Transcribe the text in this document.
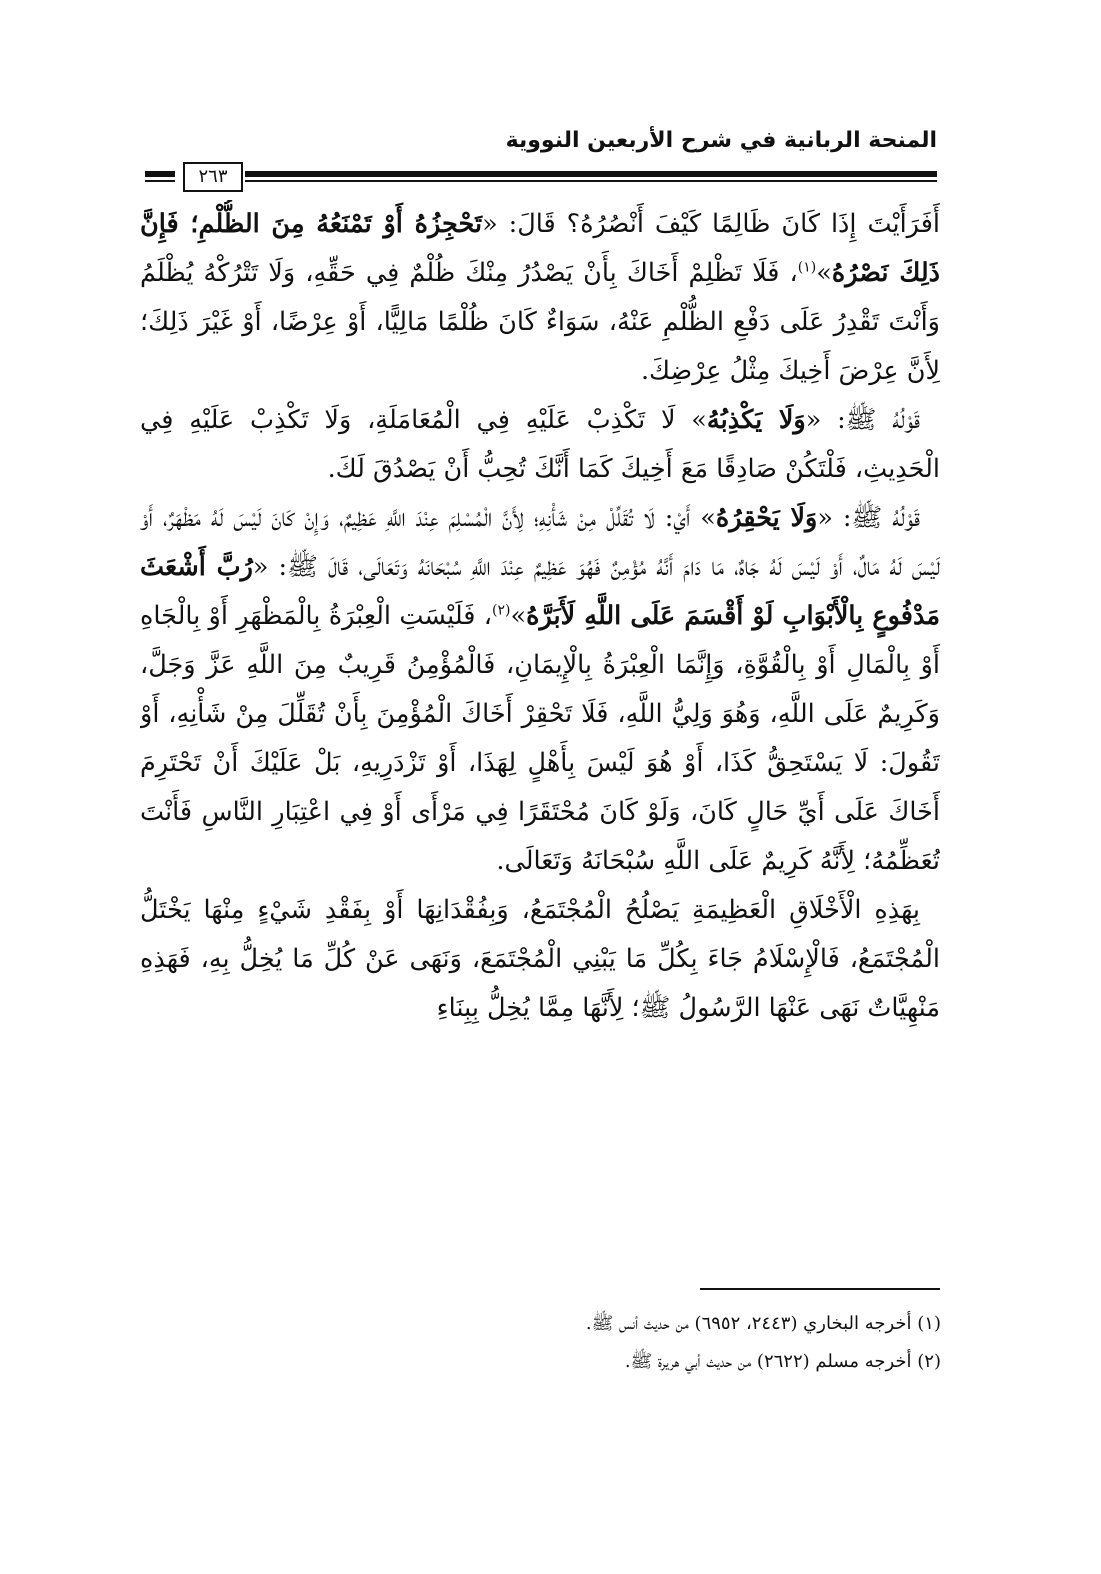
المنحة الربانية في شرح الأربعين النووية
٢٦٣

أَفَرَأَيْتَ إِذَا كَانَ ظَالِمًا كَيْفَ أَنْصُرُهُ؟ قَالَ: «تَحْجِزُهُ أَوْ تَمْنَعُهُ مِنَ الظُّلْمِ؛ فَإِنَّ ذَلِكَ نَصْرُهُ»$^{(١)}$، فَلَا تَظْلِمْ أَخَاكَ بِأَنْ يَصْدُرُ مِنْكَ ظُلْمٌ فِي حَقِّهِ، وَلَا تَتْرُكْهُ يُظْلَمُ وَأَنْتَ تَقْدِرُ عَلَى دَفْعِ الظُّلْمِ عَنْهُ، سَوَاءٌ كَانَ ظُلْمًا مَالِيًّا، أَوْ عِرْضًا، أَوْ غَيْرَ ذَلِكَ؛ لِأَنَّ عِرْضَ أَخِيكَ مِثْلُ عِرْضِكَ.

قَوْلُهُ ﷺ: «وَلَا يَكْذِبُهُ» لَا تَكْذِبْ عَلَيْهِ فِي الْمُعَامَلَةِ، وَلَا تَكْذِبْ عَلَيْهِ فِي الْحَدِيثِ، فَلْتَكُنْ صَادِقًا مَعَ أَخِيكَ كَمَا أَنَّكَ تُحِبُّ أَنْ يَصْدُقَ لَكَ.

قَوْلُهُ ﷺ: «وَلَا يَحْقِرُهُ» أَيْ: لَا تُقَلِّلْ مِنْ شَأْنِهِ؛ لِأَنَّ الْمُسْلِمَ عِنْدَ اللَّهِ عَظِيمٌ، وَإِنْ كَانَ لَيْسَ لَهُ مَظْهَرٌ، أَوْ لَيْسَ لَهُ مَالٌ، أَوْ لَيْسَ لَهُ جَاهٌ، مَا دَامَ أَنَّهُ مُؤْمِنٌ فَهُوَ عَظِيمٌ عِنْدَ اللَّهِ سُبْحَانَهُ وَتَعَالَى، قَالَ ﷺ: «رُبَّ أَشْعَثَ مَدْفُوعٍ بِالْأَبْوَابِ لَوْ أَقْسَمَ عَلَى اللَّهِ لَأَبَرَّهُ»$^{(٢)}$، فَلَيْسَتِ الْعِبْرَةُ بِالْمَظْهَرِ أَوْ بِالْجَاهِ أَوْ بِالْمَالِ أَوْ بِالْقُوَّةِ، وَإِنَّمَا الْعِبْرَةُ بِالْإِيمَانِ، فَالْمُؤْمِنُ قَرِيبٌ مِنَ اللَّهِ عَزَّ وَجَلَّ، وَكَرِيمٌ عَلَى اللَّهِ، وَهُوَ وَلِيُّ اللَّهِ، فَلَا تَحْقِرْ أَخَاكَ الْمُؤْمِنَ بِأَنْ تُقَلِّلَ مِنْ شَأْنِهِ، أَوْ تَقُولَ: لَا يَسْتَحِقُّ كَذَا، أَوْ هُوَ لَيْسَ بِأَهْلٍ لِهَذَا، أَوْ تَزْدَرِيهِ، بَلْ عَلَيْكَ أَنْ تَحْتَرِمَ أَخَاكَ عَلَى أَيِّ حَالٍ كَانَ، وَلَوْ كَانَ مُحْتَقَرًا فِي مَرْأَى أَوْ فِي اعْتِبَارِ النَّاسِ فَأَنْتَ تُعَظِّمُهُ؛ لِأَنَّهُ كَرِيمٌ عَلَى اللَّهِ سُبْحَانَهُ وَتَعَالَى.

بِهَذِهِ الْأَخْلَاقِ الْعَظِيمَةِ يَصْلُحُ الْمُجْتَمَعُ، وَبِفُقْدَانِهَا أَوْ بِفَقْدِ شَيْءٍ مِنْهَا يَخْتَلُّ الْمُجْتَمَعُ، فَالْإِسْلَامُ جَاءَ بِكُلِّ مَا يَبْنِي الْمُجْتَمَعَ، وَنَهَى عَنْ كُلِّ مَا يُخِلُّ بِهِ، فَهَذِهِ مَنْهِيَّاتٌ نَهَى عَنْهَا الرَّسُولُ ﷺ؛ لِأَنَّهَا مِمَّا يُخِلُّ بِبِنَاءِ

(١) أخرجه البخاري (٢٤٤٣، ٦٩٥٢) من حديث أنس ﷺ.

(٢) أخرجه مسلم (٢٦٢٢) من حديث أبي هريرة ﷺ.
